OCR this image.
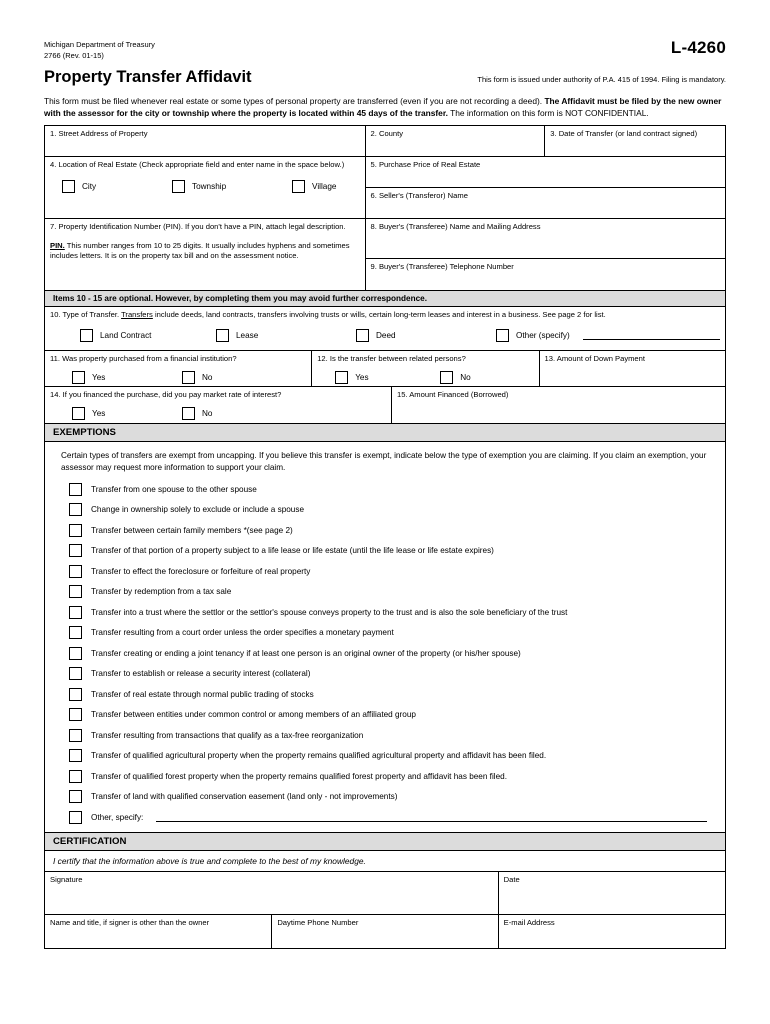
Michigan Department of Treasury
2766 (Rev. 01-15)	L-4260
Property Transfer Affidavit	This form is issued under authority of P.A. 415 of 1994. Filing is mandatory.
This form must be filed whenever real estate or some types of personal property are transferred (even if you are not recording a deed). The Affidavit must be filed by the new owner with the assessor for the city or township where the property is located within 45 days of the transfer. The information on this form is NOT CONFIDENTIAL.
1. Street Address of Property	2. County	3. Date of Transfer (or land contract signed)
4. Location of Real Estate (Check appropriate field and enter name in the space below.)
City	Township	Village
5. Purchase Price of Real Estate
6. Seller's (Transferor) Name
7. Property Identification Number (PIN). If you don't have a PIN, attach legal description.
PIN. This number ranges from 10 to 25 digits. It usually includes hyphens and sometimes includes letters. It is on the property tax bill and on the assessment notice.
8. Buyer's (Transferee) Name and Mailing Address
9. Buyer's (Transferee) Telephone Number
Items 10 - 15 are optional. However, by completing them you may avoid further correspondence.
10. Type of Transfer. Transfers include deeds, land contracts, transfers involving trusts or wills, certain long-term leases and interest in a business. See page 2 for list.
Land Contract	Lease	Deed	Other (specify)
11. Was property purchased from a financial institution?
Yes	No
12. Is the transfer between related persons?
Yes	No
13. Amount of Down Payment
14. If you financed the purchase, did you pay market rate of interest?
Yes	No
15. Amount Financed (Borrowed)
EXEMPTIONS
Certain types of transfers are exempt from uncapping. If you believe this transfer is exempt, indicate below the type of exemption you are claiming. If you claim an exemption, your assessor may request more information to support your claim.
Transfer from one spouse to the other spouse
Change in ownership solely to exclude or include a spouse
Transfer between certain family members *(see page 2)
Transfer of that portion of a property subject to a life lease or life estate (until the life lease or life estate expires)
Transfer to effect the foreclosure or forfeiture of real property
Transfer by redemption from a tax sale
Transfer into a trust where the settlor or the settlor's spouse conveys property to the trust and is also the sole beneficiary of the trust
Transfer resulting from a court order unless the order specifies a monetary payment
Transfer creating or ending a joint tenancy if at least one person is an original owner of the property (or his/her spouse)
Transfer to establish or release a security interest (collateral)
Transfer of real estate through normal public trading of stocks
Transfer between entities under common control or among members of an affiliated group
Transfer resulting from transactions that qualify as a tax-free reorganization
Transfer of qualified agricultural property when the property remains qualified agricultural property and affidavit has been filed.
Transfer of qualified forest property when the property remains qualified forest property and affidavit has been filed.
Transfer of land with qualified conservation easement (land only - not improvements)
Other, specify:
CERTIFICATION
I certify that the information above is true and complete to the best of my knowledge.
Signature	Date
Name and title, if signer is other than the owner	Daytime Phone Number	E-mail Address
